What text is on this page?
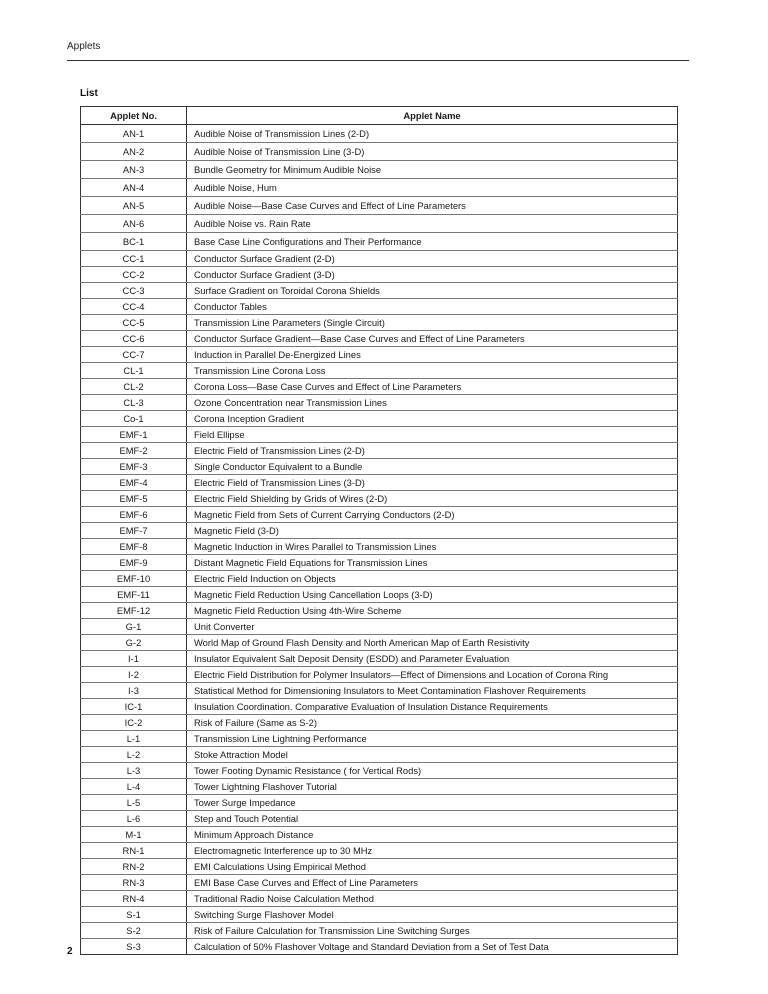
Applets
List
Applet No.	Applet Name
AN-1	Audible Noise of Transmission Lines (2-D)
AN-2	Audible Noise of Transmission Line (3-D)
AN-3	Bundle Geometry for Minimum Audible Noise
AN-4	Audible Noise, Hum
AN-5	Audible Noise—Base Case Curves and Effect of Line Parameters
AN-6	Audible Noise vs. Rain Rate
BC-1	Base Case Line Configurations and Their Performance
CC-1	Conductor Surface Gradient (2-D)
CC-2	Conductor Surface Gradient (3-D)
CC-3	Surface Gradient on Toroidal Corona Shields
CC-4	Conductor Tables
CC-5	Transmission Line Parameters (Single Circuit)
CC-6	Conductor Surface Gradient—Base Case Curves and Effect of Line Parameters
CC-7	Induction in Parallel De-Energized Lines
CL-1	Transmission Line Corona Loss
CL-2	Corona Loss—Base Case Curves and Effect of Line Parameters
CL-3	Ozone Concentration near Transmission Lines
Co-1	Corona Inception Gradient
EMF-1	Field Ellipse
EMF-2	Electric Field of Transmission Lines (2-D)
EMF-3	Single Conductor Equivalent to a Bundle
EMF-4	Electric Field of Transmission Lines (3-D)
EMF-5	Electric Field Shielding by Grids of Wires (2-D)
EMF-6	Magnetic Field from Sets of Current Carrying Conductors (2-D)
EMF-7	Magnetic Field (3-D)
EMF-8	Magnetic Induction in Wires Parallel to Transmission Lines
EMF-9	Distant Magnetic Field Equations for Transmission Lines
EMF-10	Electric Field Induction on Objects
EMF-11	Magnetic Field Reduction Using Cancellation Loops (3-D)
EMF-12	Magnetic Field Reduction Using 4th-Wire Scheme
G-1	Unit Converter
G-2	World Map of Ground Flash Density and North American Map of Earth Resistivity
I-1	Insulator Equivalent Salt Deposit Density (ESDD) and Parameter Evaluation
I-2	Electric Field Distribution for Polymer Insulators—Effect of Dimensions and Location of Corona Ring
I-3	Statistical Method for Dimensioning Insulators to Meet Contamination Flashover Requirements
IC-1	Insulation Coordination. Comparative Evaluation of Insulation Distance Requirements
IC-2	Risk of Failure (Same as S-2)
L-1	Transmission Line Lightning Performance
L-2	Stoke Attraction Model
L-3	Tower Footing Dynamic Resistance ( for Vertical Rods)
L-4	Tower Lightning Flashover Tutorial
L-5	Tower Surge Impedance
L-6	Step and Touch Potential
M-1	Minimum Approach Distance
RN-1	Electromagnetic Interference up to 30 MHz
RN-2	EMI Calculations Using Empirical Method
RN-3	EMI Base Case Curves and Effect of Line Parameters
RN-4	Traditional Radio Noise Calculation Method
S-1	Switching Surge Flashover Model
S-2	Risk of Failure Calculation for Transmission Line Switching Surges
S-3	Calculation of 50% Flashover Voltage and Standard Deviation from a Set of Test Data
2
